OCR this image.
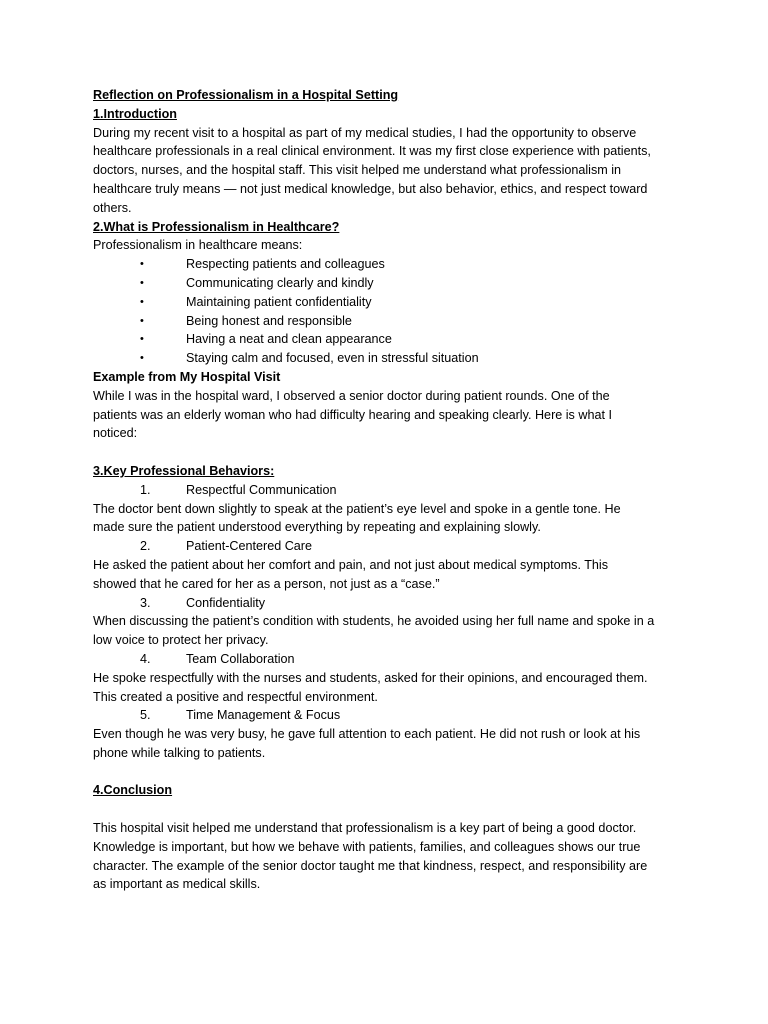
Reflection on Professionalism in a Hospital Setting
1.Introduction
During my recent visit to a hospital as part of my medical studies, I had the opportunity to observe
healthcare professionals in a real clinical environment. It was my first close experience with patients,
doctors, nurses, and the hospital staff. This visit helped me understand what professionalism in
healthcare truly means — not just medical knowledge, but also behavior, ethics, and respect toward
others.
2.What is Professionalism in Healthcare?
Professionalism in healthcare means:
•	Respecting patients and colleagues
•	Communicating clearly and kindly
•	Maintaining patient confidentiality
•	Being honest and responsible
•	Having a neat and clean appearance
•	Staying calm and focused, even in stressful situation
Example from My Hospital Visit
While I was in the hospital ward, I observed a senior doctor during patient rounds. One of the
patients was an elderly woman who had difficulty hearing and speaking clearly. Here is what I
noticed:
3.Key Professional Behaviors:
1.	Respectful Communication
The doctor bent down slightly to speak at the patient’s eye level and spoke in a gentle tone. He
made sure the patient understood everything by repeating and explaining slowly.
2.	Patient-Centered Care
He asked the patient about her comfort and pain, and not just about medical symptoms. This
showed that he cared for her as a person, not just as a “case.”
3.	Confidentiality
When discussing the patient’s condition with students, he avoided using her full name and spoke in a
low voice to protect her privacy.
4.	Team Collaboration
He spoke respectfully with the nurses and students, asked for their opinions, and encouraged them.
This created a positive and respectful environment.
5.	Time Management & Focus
Even though he was very busy, he gave full attention to each patient. He did not rush or look at his
phone while talking to patients.
4.Conclusion
This hospital visit helped me understand that professionalism is a key part of being a good doctor.
Knowledge is important, but how we behave with patients, families, and colleagues shows our true
character. The example of the senior doctor taught me that kindness, respect, and responsibility are
as important as medical skills.
